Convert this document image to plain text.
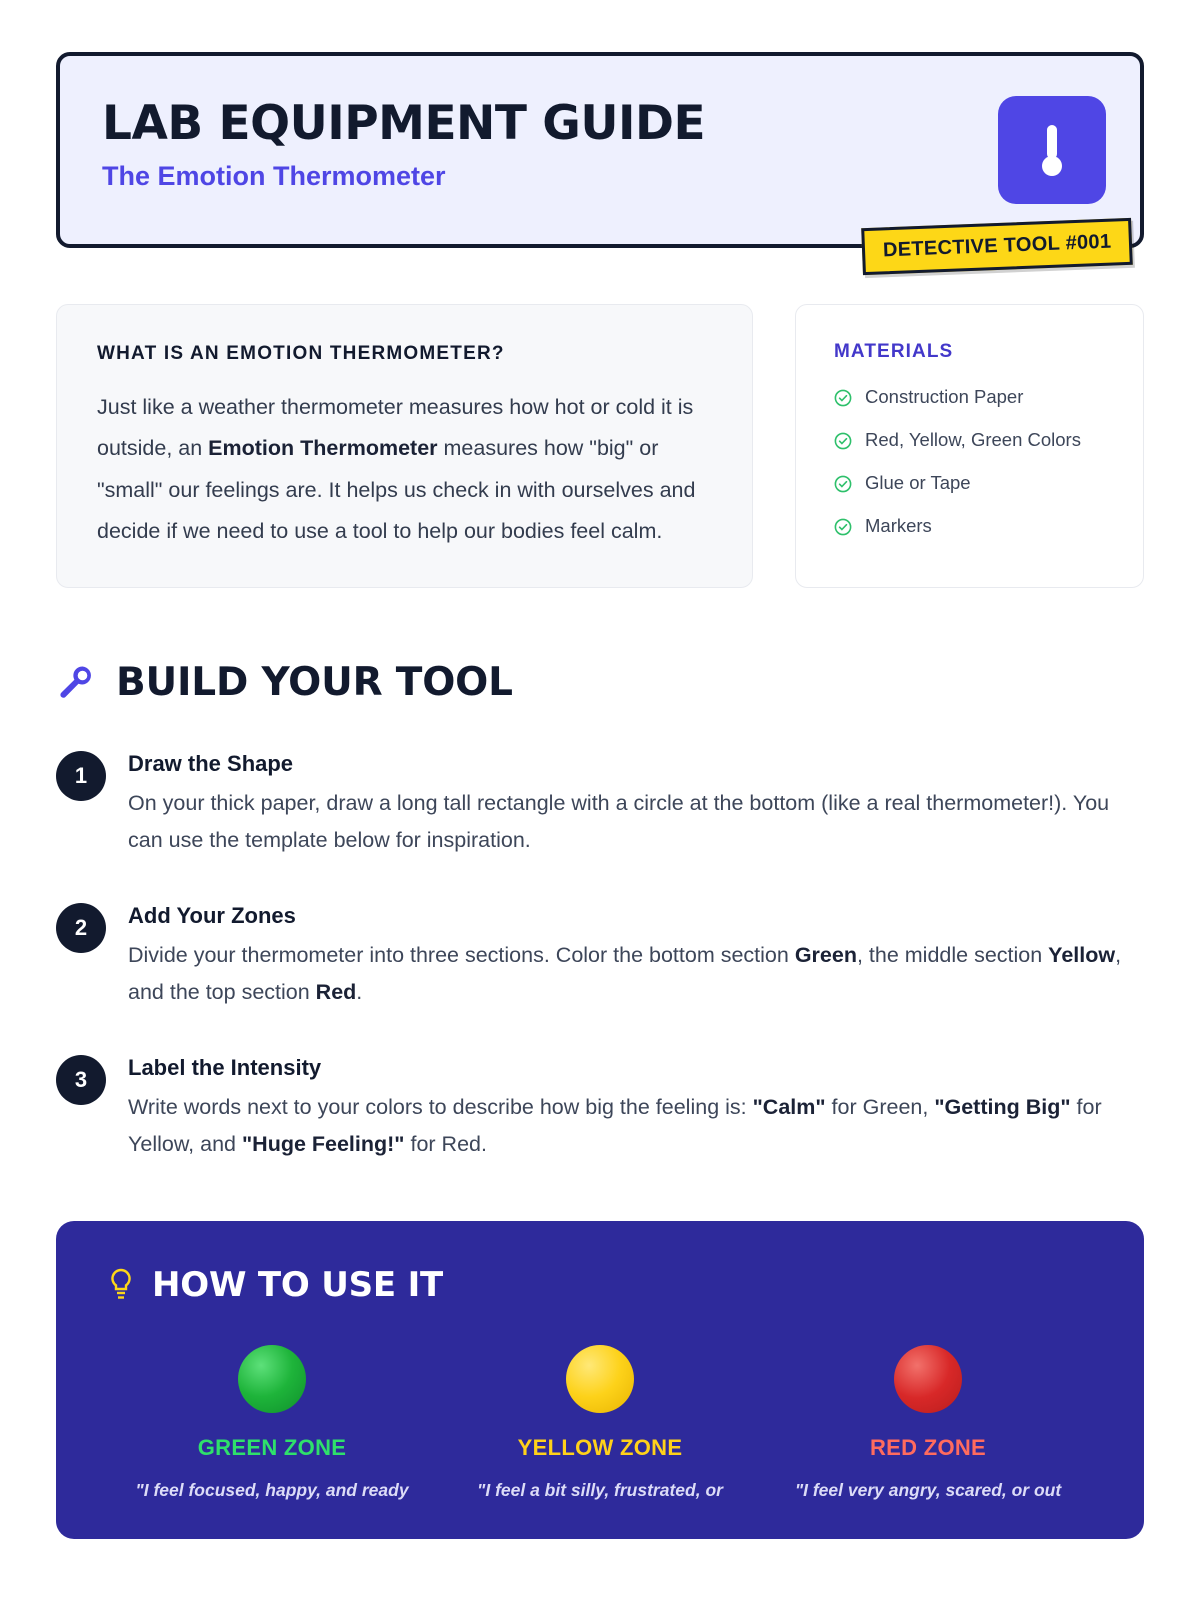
LAB EQUIPMENT GUIDE

The Emotion Thermometer

DETECTIVE TOOL #001
WHAT IS AN EMOTION THERMOMETER?

Just like a weather thermometer measures how hot or cold it is outside, an Emotion Thermometer measures how "big" or "small" our feelings are. It helps us check in with ourselves and decide if we need to use a tool to help our bodies feel calm.

MATERIALS
Construction Paper
Red, Yellow, Green Colors
Glue or Tape
Markers
BUILD YOUR TOOL
1	Draw the Shape

On your thick paper, draw a long tall rectangle with a circle at the bottom (like a real thermometer!). You can use the template below for inspiration.

2	Add Your Zones

Divide your thermometer into three sections. Color the bottom section Green, the middle section Yellow, and the top section Red.

3	Label the Intensity

Write words next to your colors to describe how big the feeling is: "Calm" for Green, "Getting Big" for Yellow, and "Huge Feeling!" for Red.

HOW TO USE IT

GREEN ZONE

"I feel focused, happy, and ready

YELLOW ZONE

"I feel a bit silly, frustrated, or

RED ZONE

"I feel very angry, scared, or out
